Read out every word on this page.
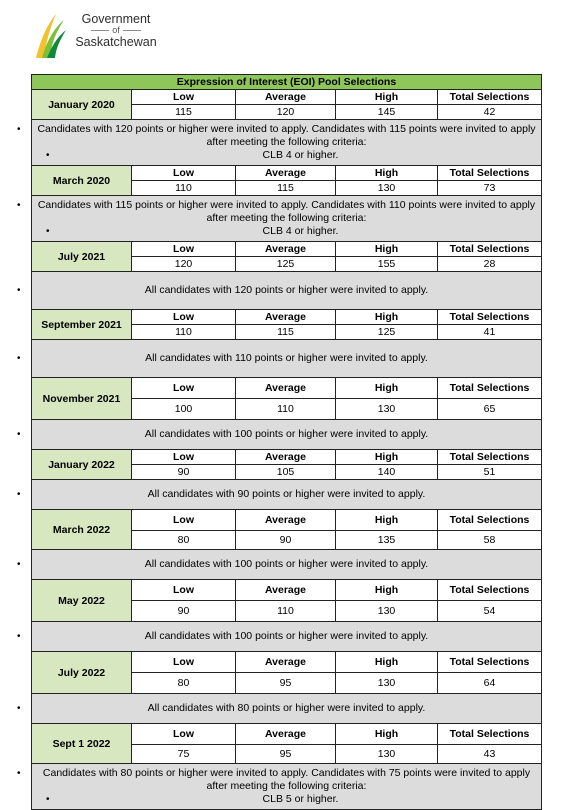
Government
of
Saskatchewan
Expression of Interest (EOI) Pool Selections				
January 2020	Low	Average	High	Total Selections
	115	120	145	42

• Candidates with 120 points or higher were invited to apply. Candidates with 115 points were invited to apply after meeting the following criteria:
• CLB 4 or higher.				

March 2020	Low	Average	High	Total Selections
	110	115	130	73

• Candidates with 115 points or higher were invited to apply. Candidates with 110 points were invited to apply after meeting the following criteria:
• CLB 4 or higher.				

July 2021	Low	Average	High	Total Selections
	120	125	155	28

• All candidates with 120 points or higher were invited to apply.				

September 2021	Low	Average	High	Total Selections
	110	115	125	41

• All candidates with 110 points or higher were invited to apply.				

November 2021	Low	Average	High	Total Selections
	100	110	130	65

• All candidates with 100 points or higher were invited to apply.				

January 2022	Low	Average	High	Total Selections
	90	105	140	51

• All candidates with 90 points or higher were invited to apply.				

March 2022	Low	Average	High	Total Selections
	80	90	135	58

• All candidates with 100 points or higher were invited to apply.				

May 2022	Low	Average	High	Total Selections
	90	110	130	54

• All candidates with 100 points or higher were invited to apply.				

July 2022	Low	Average	High	Total Selections
	80	95	130	64

• All candidates with 80 points or higher were invited to apply.				

Sept 1 2022	Low	Average	High	Total Selections
	75	95	130	43

• Candidates with 80 points or higher were invited to apply. Candidates with 75 points were invited to apply after meeting the following criteria:
• CLB 5 or higher.				
